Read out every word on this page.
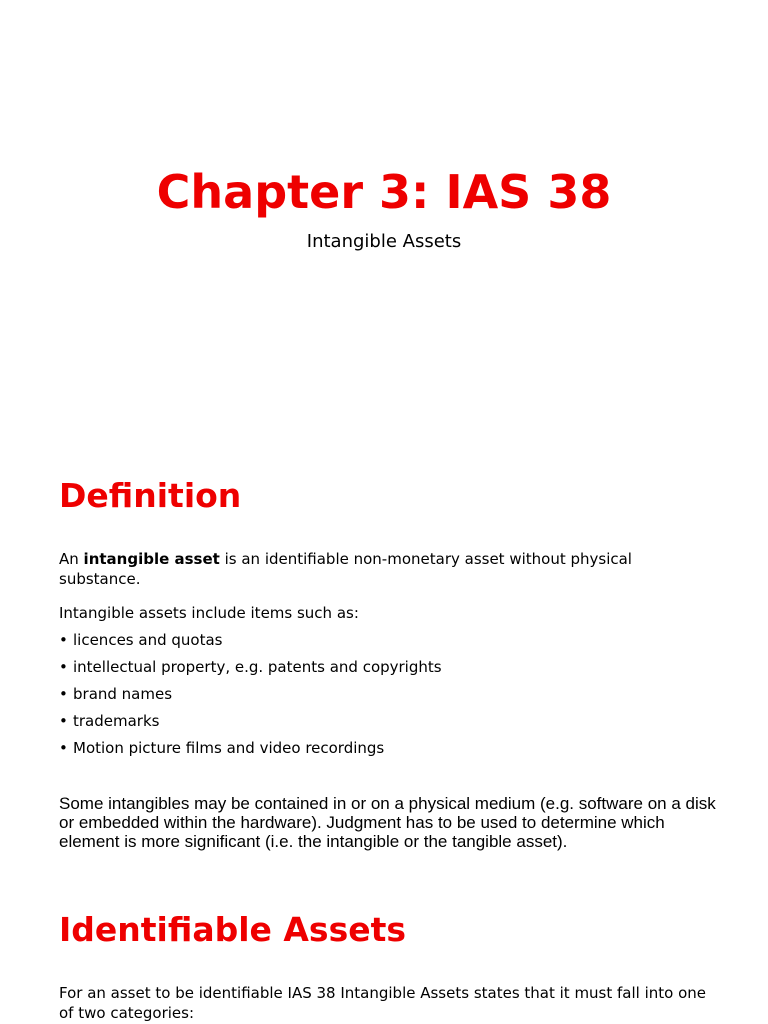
Chapter 3: IAS 38

Intangible Assets

Definition

An intangible asset is an identifiable non-monetary asset without physical substance.

Intangible assets include items such as:

• licences and quotas
• intellectual property, e.g. patents and copyrights
• brand names
• trademarks
• Motion picture films and video recordings

Some intangibles may be contained in or on a physical medium (e.g. software on a disk or embedded within the hardware). Judgment has to be used to determine which element is more significant (i.e. the intangible or the tangible asset).

Identifiable Assets

For an asset to be identifiable IAS 38 Intangible Assets states that it must fall into one of two categories:
